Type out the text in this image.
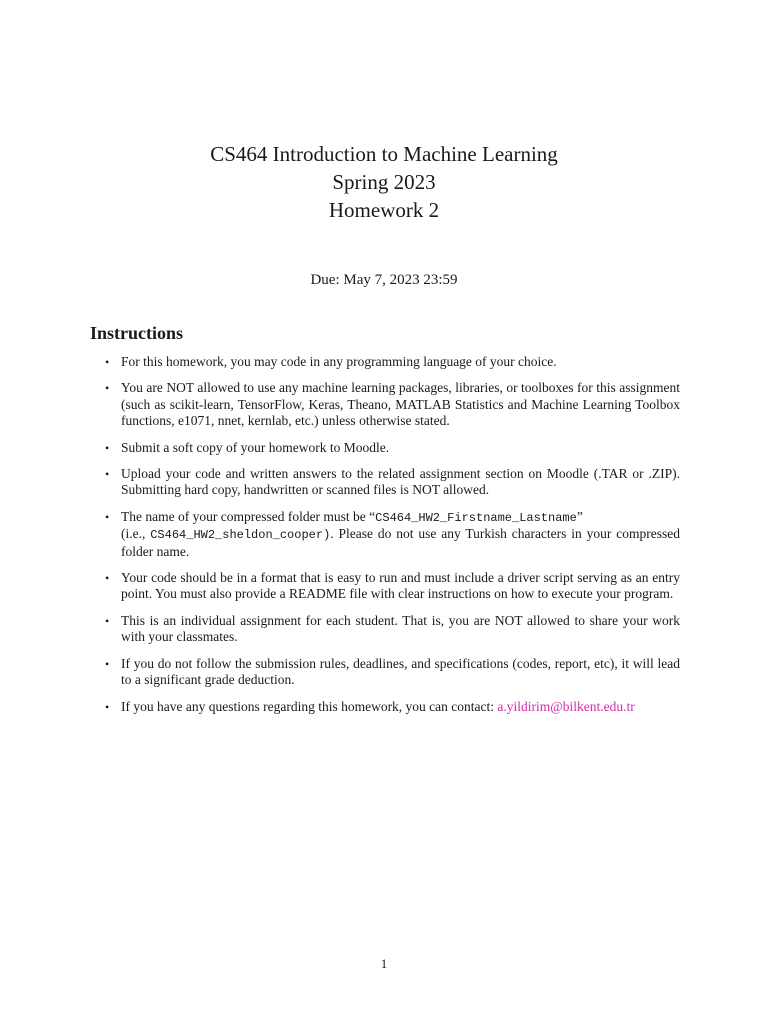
CS464 Introduction to Machine Learning
Spring 2023
Homework 2
Due: May 7, 2023 23:59
Instructions
• For this homework, you may code in any programming language of your choice.
• You are NOT allowed to use any machine learning packages, libraries, or toolboxes for this assignment (such as scikit-learn, TensorFlow, Keras, Theano, MATLAB Statistics and Machine Learning Toolbox functions, e1071, nnet, kernlab, etc.) unless otherwise stated.
• Submit a soft copy of your homework to Moodle.
• Upload your code and written answers to the related assignment section on Moodle (.TAR or .ZIP). Submitting hard copy, handwritten or scanned files is NOT allowed.
• The name of your compressed folder must be “CS464_HW2_Firstname_Lastname”
(i.e., CS464_HW2_sheldon_cooper). Please do not use any Turkish characters in your compressed folder name.
• Your code should be in a format that is easy to run and must include a driver script serving as an entry point. You must also provide a README file with clear instructions on how to execute your program.
• This is an individual assignment for each student. That is, you are NOT allowed to share your work with your classmates.
• If you do not follow the submission rules, deadlines, and specifications (codes, report, etc), it will lead to a significant grade deduction.
• If you have any questions regarding this homework, you can contact: a.yildirim@bilkent.edu.tr
1
